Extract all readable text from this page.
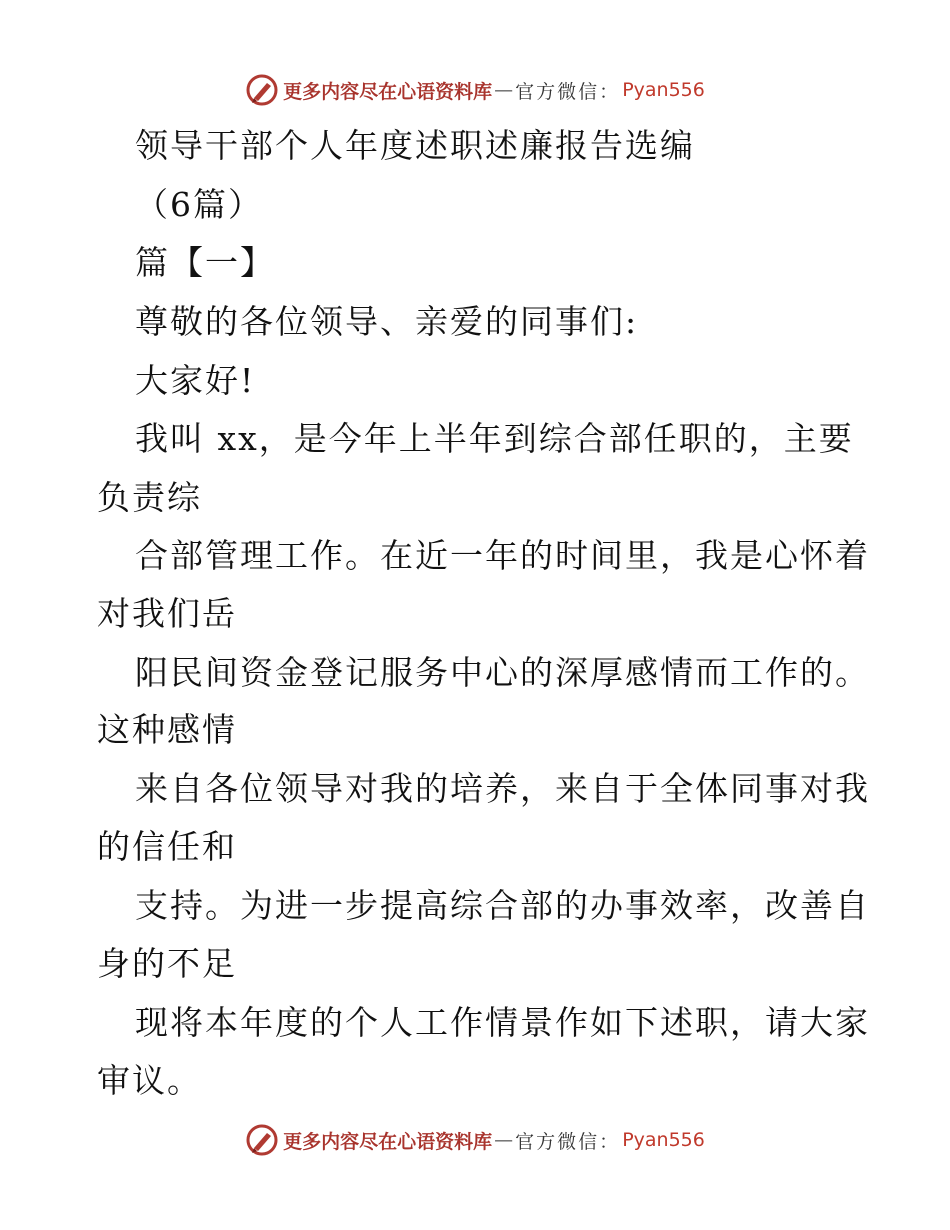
更多内容尽在心语资料库 — 官方微信： Pyan556
领导干部个人年度述职述廉报告选编
（6篇）
篇【一】
尊敬的各位领导、亲爱的同事们:
大家好!
我叫 xx，是今年上半年到综合部任职的，主要
负责综
合部管理工作。在近一年的时间里，我是心怀着
对我们岳
阳民间资金登记服务中心的深厚感情而工作的。
这种感情
来自各位领导对我的培养，来自于全体同事对我
的信任和
支持。为进一步提高综合部的办事效率，改善自
身的不足
现将本年度的个人工作情景作如下述职，请大家
审议。
更多内容尽在心语资料库 — 官方微信： Pyan556
